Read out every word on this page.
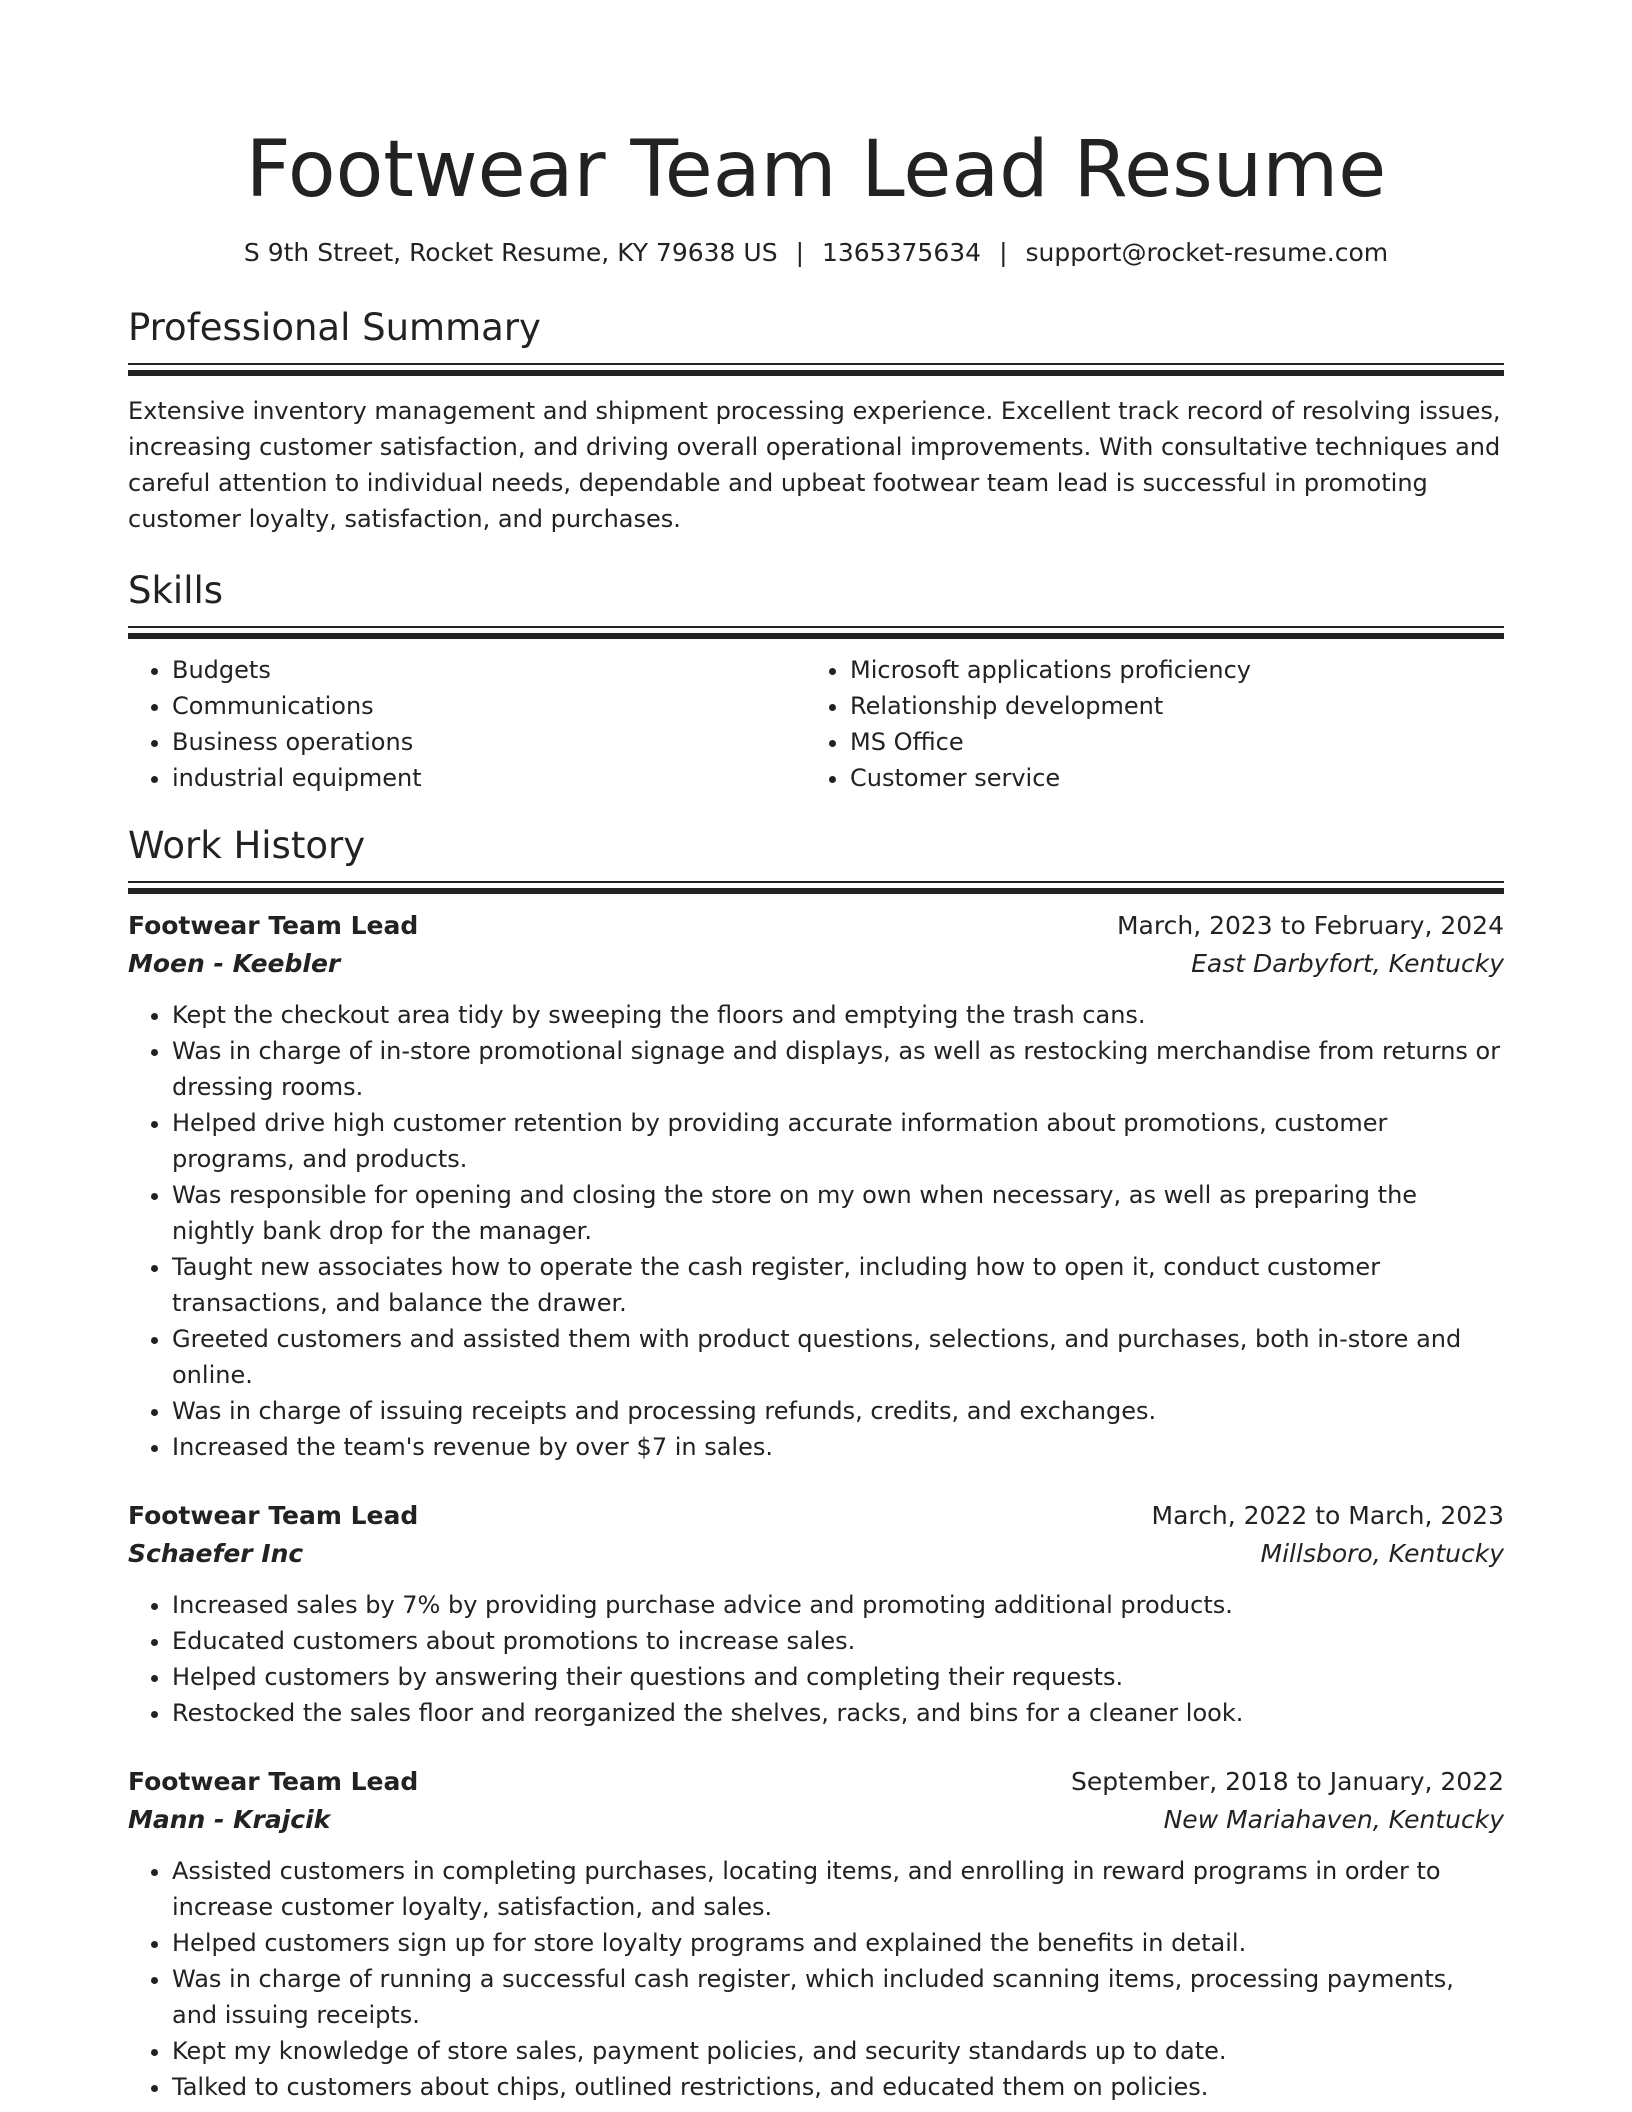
Footwear Team Lead Resume
S 9th Street, Rocket Resume, KY 79638 US | 1365375634 | support@rocket-resume.com
Professional Summary

Extensive inventory management and shipment processing experience. Excellent track record of resolving issues, increasing customer satisfaction, and driving overall operational improvements. With consultative techniques and careful attention to individual needs, dependable and upbeat footwear team lead is successful in promoting customer loyalty, satisfaction, and purchases.

Skills
• Budgets
• Communications
• Business operations
• industrial equipment
• Microsoft applications proficiency
• Relationship development
• MS Office
• Customer service
Work History
Footwear Team Lead	March, 2023 to February, 2024
Moen - Keebler	East Darbyfort, Kentucky
• Kept the checkout area tidy by sweeping the floors and emptying the trash cans.
• Was in charge of in-store promotional signage and displays, as well as restocking merchandise from returns or dressing rooms.
• Helped drive high customer retention by providing accurate information about promotions, customer programs, and products.
• Was responsible for opening and closing the store on my own when necessary, as well as preparing the nightly bank drop for the manager.
• Taught new associates how to operate the cash register, including how to open it, conduct customer transactions, and balance the drawer.
• Greeted customers and assisted them with product questions, selections, and purchases, both in-store and online.
• Was in charge of issuing receipts and processing refunds, credits, and exchanges.
• Increased the team's revenue by over $7 in sales.
Footwear Team Lead	March, 2022 to March, 2023
Schaefer Inc	Millsboro, Kentucky
• Increased sales by 7% by providing purchase advice and promoting additional products.
• Educated customers about promotions to increase sales.
• Helped customers by answering their questions and completing their requests.
• Restocked the sales floor and reorganized the shelves, racks, and bins for a cleaner look.
Footwear Team Lead	September, 2018 to January, 2022
Mann - Krajcik	New Mariahaven, Kentucky
• Assisted customers in completing purchases, locating items, and enrolling in reward programs in order to increase customer loyalty, satisfaction, and sales.
• Helped customers sign up for store loyalty programs and explained the benefits in detail.
• Was in charge of running a successful cash register, which included scanning items, processing payments, and issuing receipts.
• Kept my knowledge of store sales, payment policies, and security standards up to date.
• Talked to customers about chips, outlined restrictions, and educated them on policies.
